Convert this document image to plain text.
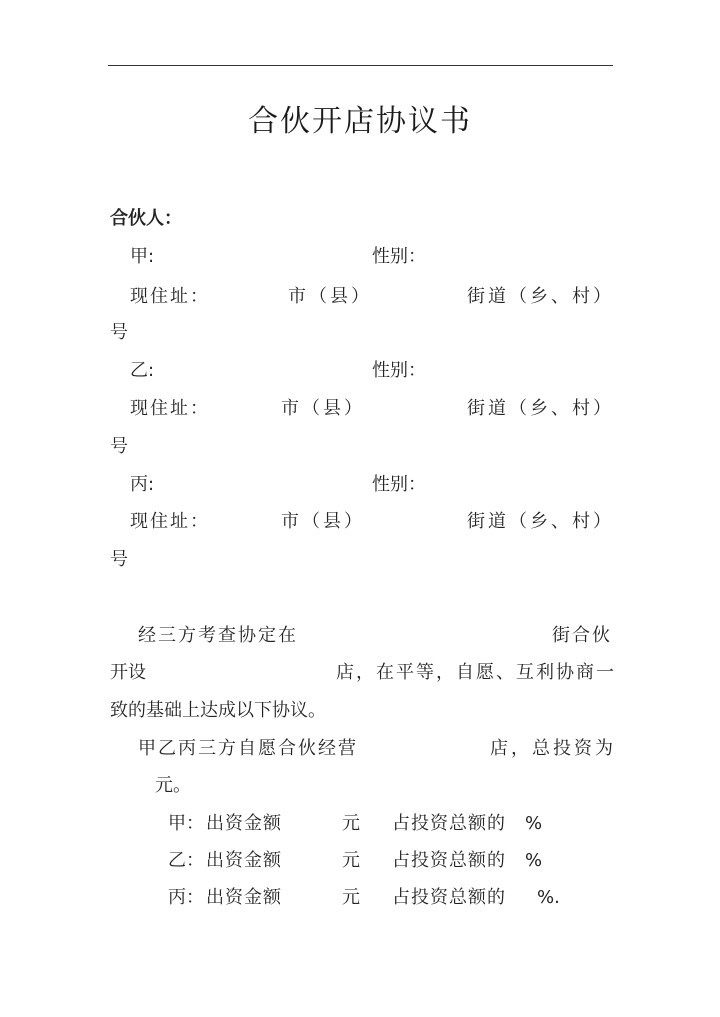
合伙开店协议书
合伙人：
甲:	性别：
现住址：	市（县）	街道（乡、村）
号
乙:	性别：
现住址：	市（县）	街道（乡、村）
号
丙:	性别：
现住址：	市（县）	街道（乡、村）
号
经三方考查协定在	街合伙
开设	店，在平等，自愿、互利协商一
致的基础上达成以下协议。
甲乙丙三方自愿合伙经营	店，总投资为
元。
甲： 出资金额	元 占投资总额的 %
乙： 出资金额	元 占投资总额的 %
丙： 出资金额	元 占投资总额的 %.
